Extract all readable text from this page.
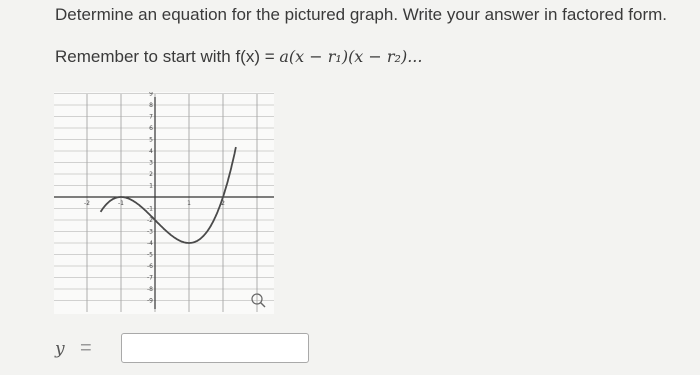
Determine an equation for the pictured graph. Write your answer in factored form.
Remember to start with f(x) = a(x − r₁)(x − r₂)...
9
8
7
6
5
4
3
2
1
-1
-2
-3
-4
-5
-6
-7
-8
-9
-2	-1	1	2
y =
